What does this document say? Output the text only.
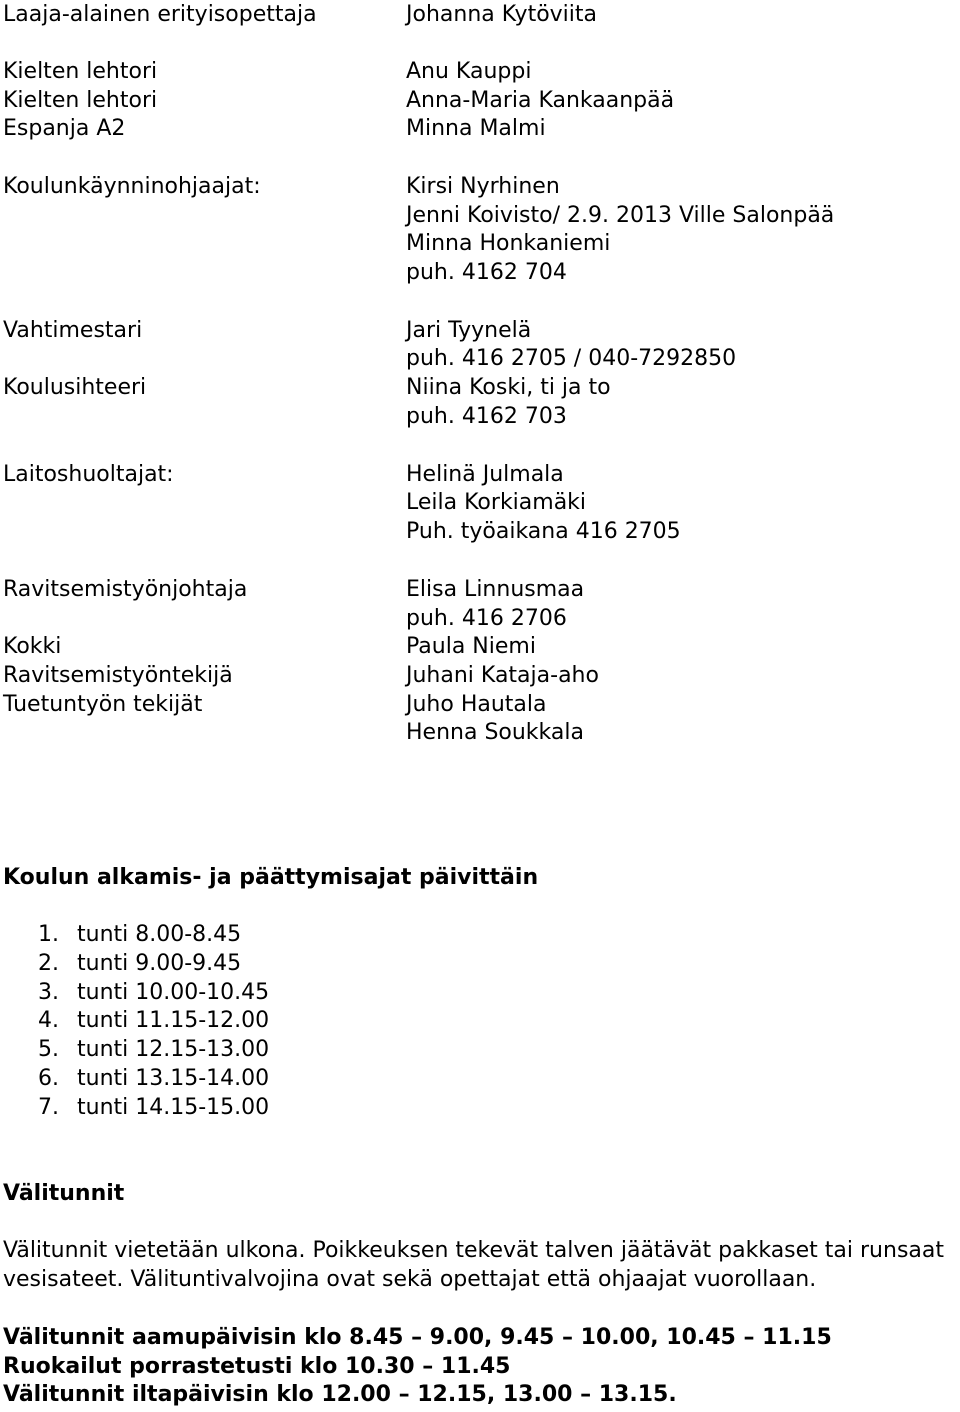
Laaja-alainen erityisopettaja	Johanna Kytöviita
Kielten lehtori	Anu Kauppi
Kielten lehtori	Anna-Maria Kankaanpää
Espanja A2	Minna Malmi
Koulunkäynninohjaajat:	Kirsi Nyrhinen
Jenni Koivisto/ 2.9. 2013 Ville Salonpää
Minna Honkaniemi
puh. 4162 704
Vahtimestari	Jari Tyynelä
puh. 416 2705 / 040-7292850
Koulusihteeri	Niina Koski, ti ja to
puh. 4162 703
Laitoshuoltajat:	Helinä Julmala
Leila Korkiamäki
Puh. työaikana 416 2705
Ravitsemistyönjohtaja	Elisa Linnusmaa
puh. 416 2706
Kokki	Paula Niemi
Ravitsemistyöntekijä	Juhani Kataja-aho
Tuetuntyön tekijät	Juho Hautala
Henna Soukkala
Koulun alkamis- ja päättymisajat päivittäin
1. tunti 8.00-8.45
2. tunti 9.00-9.45
3. tunti 10.00-10.45
4. tunti 11.15-12.00
5. tunti 12.15-13.00
6. tunti 13.15-14.00
7. tunti 14.15-15.00
Välitunnit
Välitunnit vietetään ulkona. Poikkeuksen tekevät talven jäätävät pakkaset tai runsaat
vesisateet. Välituntivalvojina ovat sekä opettajat että ohjaajat vuorollaan.
Välitunnit aamupäivisin klo 8.45 – 9.00, 9.45 – 10.00, 10.45 – 11.15
Ruokailut porrastetusti klo 10.30 – 11.45
Välitunnit iltapäivisin klo 12.00 – 12.15, 13.00 – 13.15.
